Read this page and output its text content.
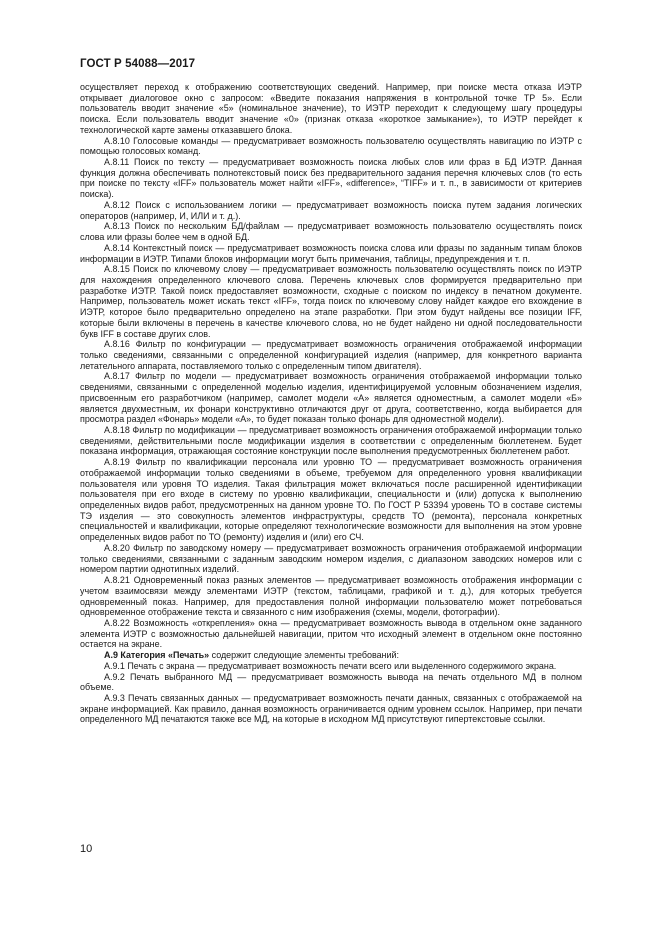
ГОСТ Р 54088—2017

осуществляет переход к отображению соответствующих сведений. Например, при поиске места отказа ИЭТР открывает диалоговое окно с запросом: «Введите показания напряжения в контрольной точке ТР 5». Если пользователь вводит значение «5» (номинальное значение), то ИЭТР переходит к следующему шагу процедуры поиска. Если пользователь вводит значение «0» (признак отказа «короткое замыкание»), то ИЭТР перейдет к технологической карте замены отказавшего блока.

А.8.10 Голосовые команды — предусматривает возможность пользователю осуществлять навигацию по ИЭТР с помощью голосовых команд.

А.8.11 Поиск по тексту — предусматривает возможность поиска любых слов или фраз в БД ИЭТР. Данная функция должна обеспечивать полнотекстовый поиск без предварительного задания перечня ключевых слов (то есть при поиске по тексту «IFF» пользователь может найти «IFF», «difference», “TIFF» и т. п., в зависимости от критериев поиска).

А.8.12 Поиск с использованием логики — предусматривает возможность поиска путем задания логических операторов (например, И, ИЛИ и т. д.).

А.8.13 Поиск по нескольким БД/файлам — предусматривает возможность пользователю осуществлять поиск слова или фразы более чем в одной БД.

А.8.14 Контекстный поиск — предусматривает возможность поиска слова или фразы по заданным типам блоков информации в ИЭТР. Типами блоков информации могут быть примечания, таблицы, предупреждения и т. п.

А.8.15 Поиск по ключевому слову — предусматривает возможность пользователю осуществлять поиск по ИЭТР для нахождения определенного ключевого слова. Перечень ключевых слов формируется предварительно при разработке ИЭТР. Такой поиск предоставляет возможности, сходные с поиском по индексу в печатном документе. Например, пользователь может искать текст «IFF», тогда поиск по ключевому слову найдет каждое его вхождение в ИЭТР, которое было предварительно определено на этапе разработки. При этом будут найдены все позиции IFF, которые были включены в перечень в качестве ключевого слова, но не будет найдено ни одной последовательности букв IFF в составе других слов.

А.8.16 Фильтр по конфигурации — предусматривает возможность ограничения отображаемой информации только сведениями, связанными с определенной конфигурацией изделия (например, для конкретного варианта летательного аппарата, поставляемого только с определенным типом двигателя).

А.8.17 Фильтр по модели — предусматривает возможность ограничения отображаемой информации только сведениями, связанными с определенной моделью изделия, идентифицируемой условным обозначением изделия, присвоенным его разработчиком (например, самолет модели «А» является одноместным, а самолет модели «Б» является двухместным, их фонари конструктивно отличаются друг от друга, соответственно, когда выбирается для просмотра раздел «Фонарь» модели «А», то будет показан только фонарь для одноместной модели).

А.8.18 Фильтр по модификации — предусматривает возможность ограничения отображаемой информации только сведениями, действительными после модификации изделия в соответствии с определенным бюллетенем. Будет показана информация, отражающая состояние конструкции после выполнения предусмотренных бюллетенем работ.

А.8.19 Фильтр по квалификации персонала или уровню ТО — предусматривает возможность ограничения отображаемой информации только сведениями в объеме, требуемом для определенного уровня квалификации пользователя или уровня ТО изделия. Такая фильтрация может включаться после расширенной идентификации пользователя при его входе в систему по уровню квалификации, специальности и (или) допуска к выполнению определенных видов работ, предусмотренных на данном уровне ТО. По ГОСТ Р 53394 уровень ТО в составе системы ТЭ изделия — это совокупность элементов инфраструктуры, средств ТО (ремонта), персонала конкретных специальностей и квалификации, которые определяют технологические возможности для выполнения на этом уровне определенных видов работ по ТО (ремонту) изделия и (или) его СЧ.

А.8.20 Фильтр по заводскому номеру — предусматривает возможность ограничения отображаемой информации только сведениями, связанными с заданным заводским номером изделия, с диапазоном заводских номеров или с номером партии однотипных изделий.

А.8.21 Одновременный показ разных элементов — предусматривает возможность отображения информации с учетом взаимосвязи между элементами ИЭТР (текстом, таблицами, графикой и т. д.), для которых требуется одновременный показ. Например, для предоставления полной информации пользователю может потребоваться одновременное отображение текста и связанного с ним изображения (схемы, модели, фотографии).

А.8.22 Возможность «открепления» окна — предусматривает возможность вывода в отдельном окне заданного элемента ИЭТР с возможностью дальнейшей навигации, притом что исходный элемент в отдельном окне постоянно остается на экране.

А.9 Категория «Печать» содержит следующие элементы требований:

А.9.1 Печать с экрана — предусматривает возможность печати всего или выделенного содержимого экрана.

А.9.2 Печать выбранного МД — предусматривает возможность вывода на печать отдельного МД в полном объеме.

А.9.3 Печать связанных данных — предусматривает возможность печати данных, связанных с отображаемой на экране информацией. Как правило, данная возможность ограничивается одним уровнем ссылок. Например, при печати определенного МД печатаются также все МД, на которые в исходном МД присутствуют гипертекстовые ссылки.

10
